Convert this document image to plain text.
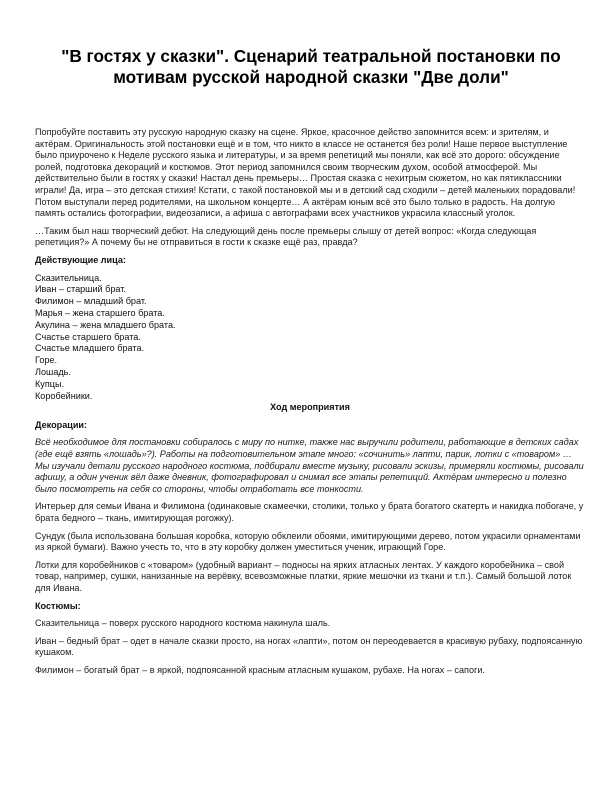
"В гостях у сказки". Сценарий театральной постановки по мотивам русской народной сказки "Две доли"

Попробуйте поставить эту русскую народную сказку на сцене. Яркое, красочное действо запомнится всем: и зрителям, и актёрам. Оригинальность этой постановки ещё и в том, что никто в классе не останется без роли! Наше первое выступление было приурочено к Неделе русского языка и литературы, и за время репетиций мы поняли, как всё это дорого: обсуждение ролей, подготовка декораций и костюмов. Этот период запомнился своим творческим духом, особой атмосферой. Мы действительно были в гостях у сказки! Настал день премьеры… Простая сказка с нехитрым сюжетом, но как пятиклассники играли! Да, игра – это детская стихия! Кстати, с такой постановкой мы и в детский сад сходили – детей маленьких порадовали! Потом выступали перед родителями, на школьном концерте… А актёрам юным всё это было только в радость. На долгую память остались фотографии, видеозаписи, а афиша с автографами всех участников украсила классный уголок.

…Таким был наш творческий дебют. На следующий день после премьеры слышу от детей вопрос: «Когда следующая репетиция?» А почему бы не отправиться в гости к сказке ещё раз, правда?

Действующие лица:
Сказительница.
Иван – старший брат.
Филимон – младший брат.
Марья – жена старшего брата.
Акулина – жена младшего брата.
Счастье старшего брата.
Счастье младшего брата.
Горе.
Лошадь.
Купцы.
Коробейники.
Ход мероприятия
Декорации:

Всё необходимое для постановки собиралось с миру по нитке, также нас выручили родители, работающие в детских садах (где ещё взять «лошадь»?). Работы на подготовительном этапе много: «сочинить» лапти, парик, лотки с «товаром» … Мы изучали детали русского народного костюма, подбирали вместе музыку, рисовали эскизы, примеряли костюмы, рисовали афишу, а один ученик вёл даже дневник, фотографировал и снимал все этапы репетиций. Актёрам интересно и полезно было посмотреть на себя со стороны, чтобы отработать все тонкости.

Интерьер для семьи Ивана и Филимона (одинаковые скамеечки, столики, только у брата богатого скатерть и накидка побогаче, у брата бедного – ткань, имитирующая рогожку).

Сундук (была использована большая коробка, которую обклеили обоями, имитирующими дерево, потом украсили орнаментами из яркой бумаги). Важно учесть то, что в эту коробку должен уместиться ученик, играющий Горе.

Лотки для коробейников с «товаром» (удобный вариант – подносы на ярких атласных лентах. У каждого коробейника – свой товар, например, сушки, нанизанные на верёвку, всевозможные платки, яркие мешочки из ткани и т.п.). Самый большой лоток для Ивана.

Костюмы:

Сказительница – поверх русского народного костюма накинула шаль.

Иван – бедный брат – одет в начале сказки просто, на ногах «лапти», потом он переодевается в красивую рубаху, подпоясанную кушаком.

Филимон – богатый брат – в яркой, подпоясанной красным атласным кушаком, рубахе. На ногах – сапоги.
